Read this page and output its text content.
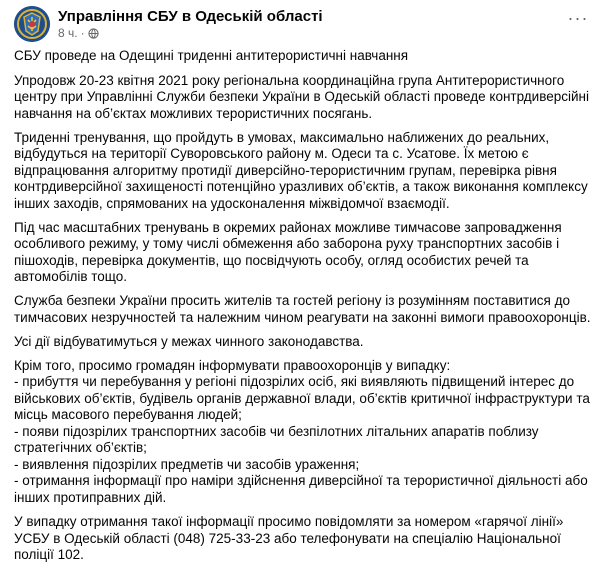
Управління СБУ в Одеській області
8 ч. ·
···

СБУ проведе на Одещині триденні антитерористичні навчання

Упродовж 20-23 квітня 2021 року регіональна координаційна група Антитерористичного центру при Управлінні Служби безпеки України в Одеській області проведе контрдиверсійні навчання на об’єктах можливих терористичних посягань.

Триденні тренування, що пройдуть в умовах, максимально наближених до реальних, відбудуться на території Суворовського району м. Одеси та с. Усатове. Їх метою є відпрацювання алгоритму протидії диверсійно-терористичним групам, перевірка рівня контрдиверсійної захищеності потенційно уразливих об’єктів, а також виконання комплексу інших заходів, спрямованих на удосконалення міжвідомчої взаємодії.

Під час масштабних тренувань в окремих районах можливе тимчасове запровадження особливого режиму, у тому числі обмеження або заборона руху транспортних засобів і пішоходів, перевірка документів, що посвідчують особу, огляд особистих речей та автомобілів тощо.

Служба безпеки України просить жителів та гостей регіону із розумінням поставитися до тимчасових незручностей та належним чином реагувати на законні вимоги правоохоронців.

Усі дії відбуватимуться у межах чинного законодавства.

Крім того, просимо громадян інформувати правоохоронців у випадку:
- прибуття чи перебування у регіоні підозрілих осіб, які виявляють підвищений інтерес до військових об’єктів, будівель органів державної влади, об’єктів критичної інфраструктури та місць масового перебування людей;
- появи підозрілих транспортних засобів чи безпілотних літальних апаратів поблизу стратегічних об’єктів;
- виявлення підозрілих предметів чи засобів ураження;
- отримання інформації про наміри здійснення диверсійної та терористичної діяльності або інших протиправних дій.

У випадку отримання такої інформації просимо повідомляти за номером «гарячої лінії» УСБУ в Одеській області (048) 725-33-23 або телефонувати на спеціалію Національної поліції 102.
